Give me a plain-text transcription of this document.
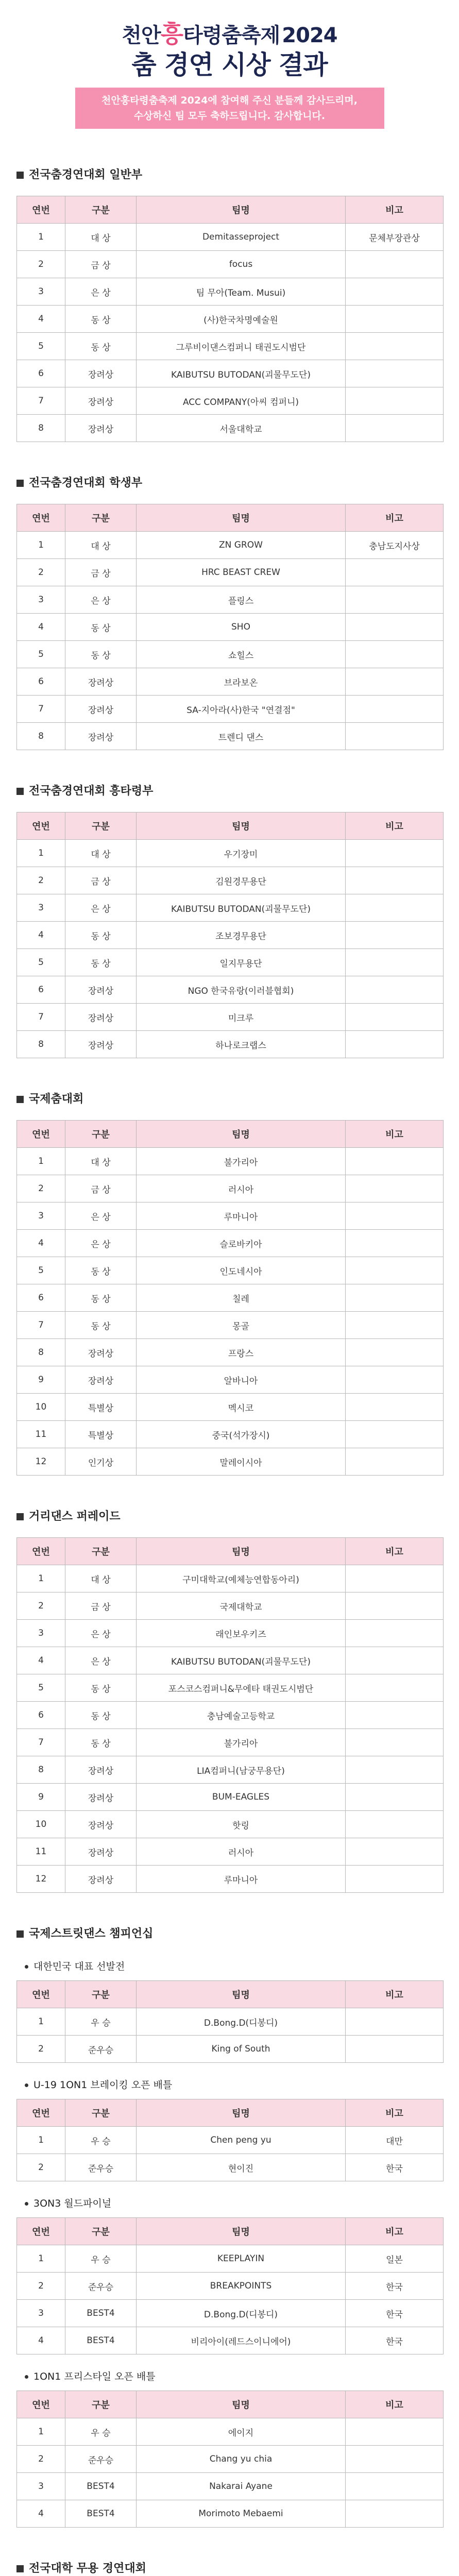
천안흥타령춤축제 2024
춤 경연 시상 결과
천안흥타령춤축제 2024에 참여해 주신 분들께 감사드리며,
수상하신 팀 모두 축하드립니다. 감사합니다.
전국춤경연대회 일반부
연번	구분	팀명	비고
1	대 상	Demitasseproject	문체부장관상
2	금 상	focus	
3	은 상	팀 무아(Team. Musui)	
4	동 상	(사)한국차명예술원	
5	동 상	그루비이댄스컴퍼니 태권도시범단	
6	장려상	KAIBUTSU BUTODAN(괴물무도단)	
7	장려상	ACC COMPANY(아씨 컴퍼니)	
8	장려상	서울대학교	
전국춤경연대회 학생부
연번	구분	팀명	비고
1	대 상	ZN GROW	충남도지사상
2	금 상	HRC BEAST CREW	
3	은 상	플링스	
4	동 상	SHO	
5	동 상	쇼힐스	
6	장려상	브라보온	
7	장려상	SA-지아라(사)한국 "연결점"	
8	장려상	트렌디 댄스	
전국춤경연대회 흥타령부
연번	구분	팀명	비고
1	대 상	우기장미	
2	금 상	김원경무용단	
3	은 상	KAIBUTSU BUTODAN(괴물무도단)	
4	동 상	조보경무용단	
5	동 상	일지무용단	
6	장려상	NGO 한국유랑(이러블협회)	
7	장려상	미크루	
8	장려상	하나로크랩스	
국제춤대회
연번	구분	팀명	비고
1	대 상	불가리아	
2	금 상	러시아	
3	은 상	루마니아	
4	은 상	슬로바키아	
5	동 상	인도네시아	
6	동 상	칠레	
7	동 상	몽골	
8	장려상	프랑스	
9	장려상	알바니아	
10	특별상	멕시코	
11	특별상	중국(석가장시)	
12	인기상	말레이시아	
거리댄스 퍼레이드
연번	구분	팀명	비고
1	대 상	구미대학교(예체능연합동아리)	
2	금 상	국제대학교	
3	은 상	래인보우키즈	
4	은 상	KAIBUTSU BUTODAN(괴물무도단)	
5	동 상	포스코스컴퍼니&무에타 태권도시범단	
6	동 상	충남예술고등학교	
7	동 상	불가리아	
8	장려상	LIA컴퍼니(남궁무용단)	
9	장려상	BUM-EAGLES	
10	장려상	핫링	
11	장려상	러시아	
12	장려상	루마니아	
국제스트릿댄스 챔피언십
대한민국 대표 선발전
연번	구분	팀명	비고
1	우 승	D.Bong.D(디봉디)	
2	준우승	King of South	
U-19 1ON1 브레이킹 오픈 배틀
연번	구분	팀명	비고
1	우 승	Chen peng yu	대만
2	준우승	현이진	한국
3ON3 월드파이널
연번	구분	팀명	비고
1	우 승	KEEPLAYIN	일본
2	준우승	BREAKPOINTS	한국
3	BEST4	D.Bong.D(디봉디)	한국
4	BEST4	비리아이(레드스이니에어)	한국
1ON1 프리스타일 오픈 배틀
연번	구분	팀명	비고
1	우 승	에이지	
2	준우승	Chang yu chia	
3	BEST4	Nakarai Ayane	
4	BEST4	Morimoto Mebaemi	
전국대학 무용 경연대회
